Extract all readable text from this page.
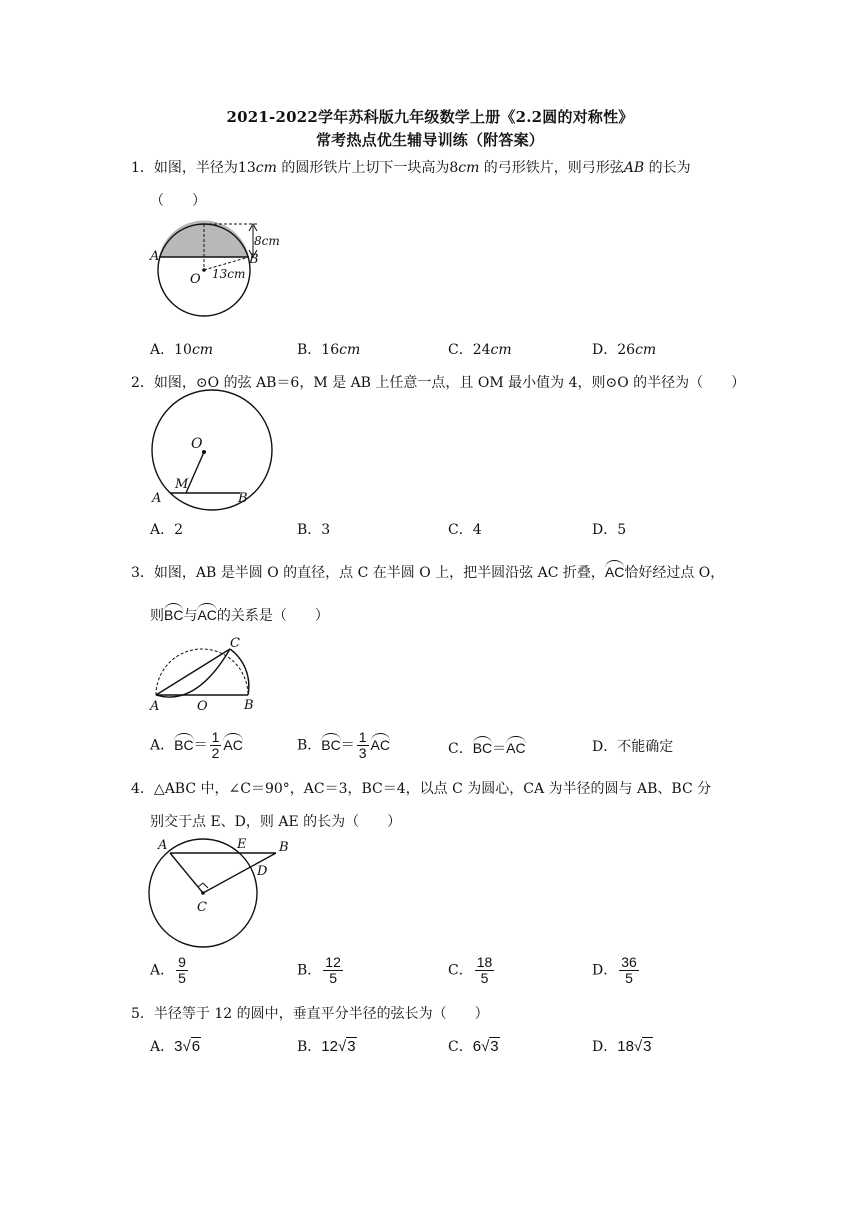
2021-2022学年苏科版九年级数学上册《2.2圆的对称性》
常考热点优生辅导训练（附答案）
1．如图，半径为13cm 的圆形铁片上切下一块高为8cm 的弓形铁片，则弓形弦AB 的长为
（　　）
A	B
O
8cm
13cm
A．10cm	B．16cm	C．24cm	D．26cm
2．如图，⊙O 的弦 AB＝6，M 是 AB 上任意一点，且 OM 最小值为 4，则⊙O 的半径为（　　）
O
M
A	B
A．2	B．3	C．4	D．5
3．如图，AB 是半圆 O 的直径，点 C 在半圆 O 上，把半圆沿弦 AC 折叠，AC恰好经过点 O，
则BC与AC的关系是（　　）
C
A	O	B
A．$BC= \frac{1}{2}$ AC	B．$BC= \frac{1}{3}$ AC	C．BC＝AC	D．不能确定
4．△ABC 中，∠C＝90°，AC＝3，BC＝4，以点 C 为圆心，CA 为半径的圆与 AB、BC 分
别交于点 E、D，则 AE 的长为（　　）
A	E	B
D
C
A． $\frac{9}{5}$	B． $\frac{12}{5}$	C． $\frac{18}{5}$	D． $\frac{36}{5}$
5．半径等于 12 的圆中，垂直平分半径的弦长为（　　）
A．3√6	B．12√3	C．6√3	D．18√3
